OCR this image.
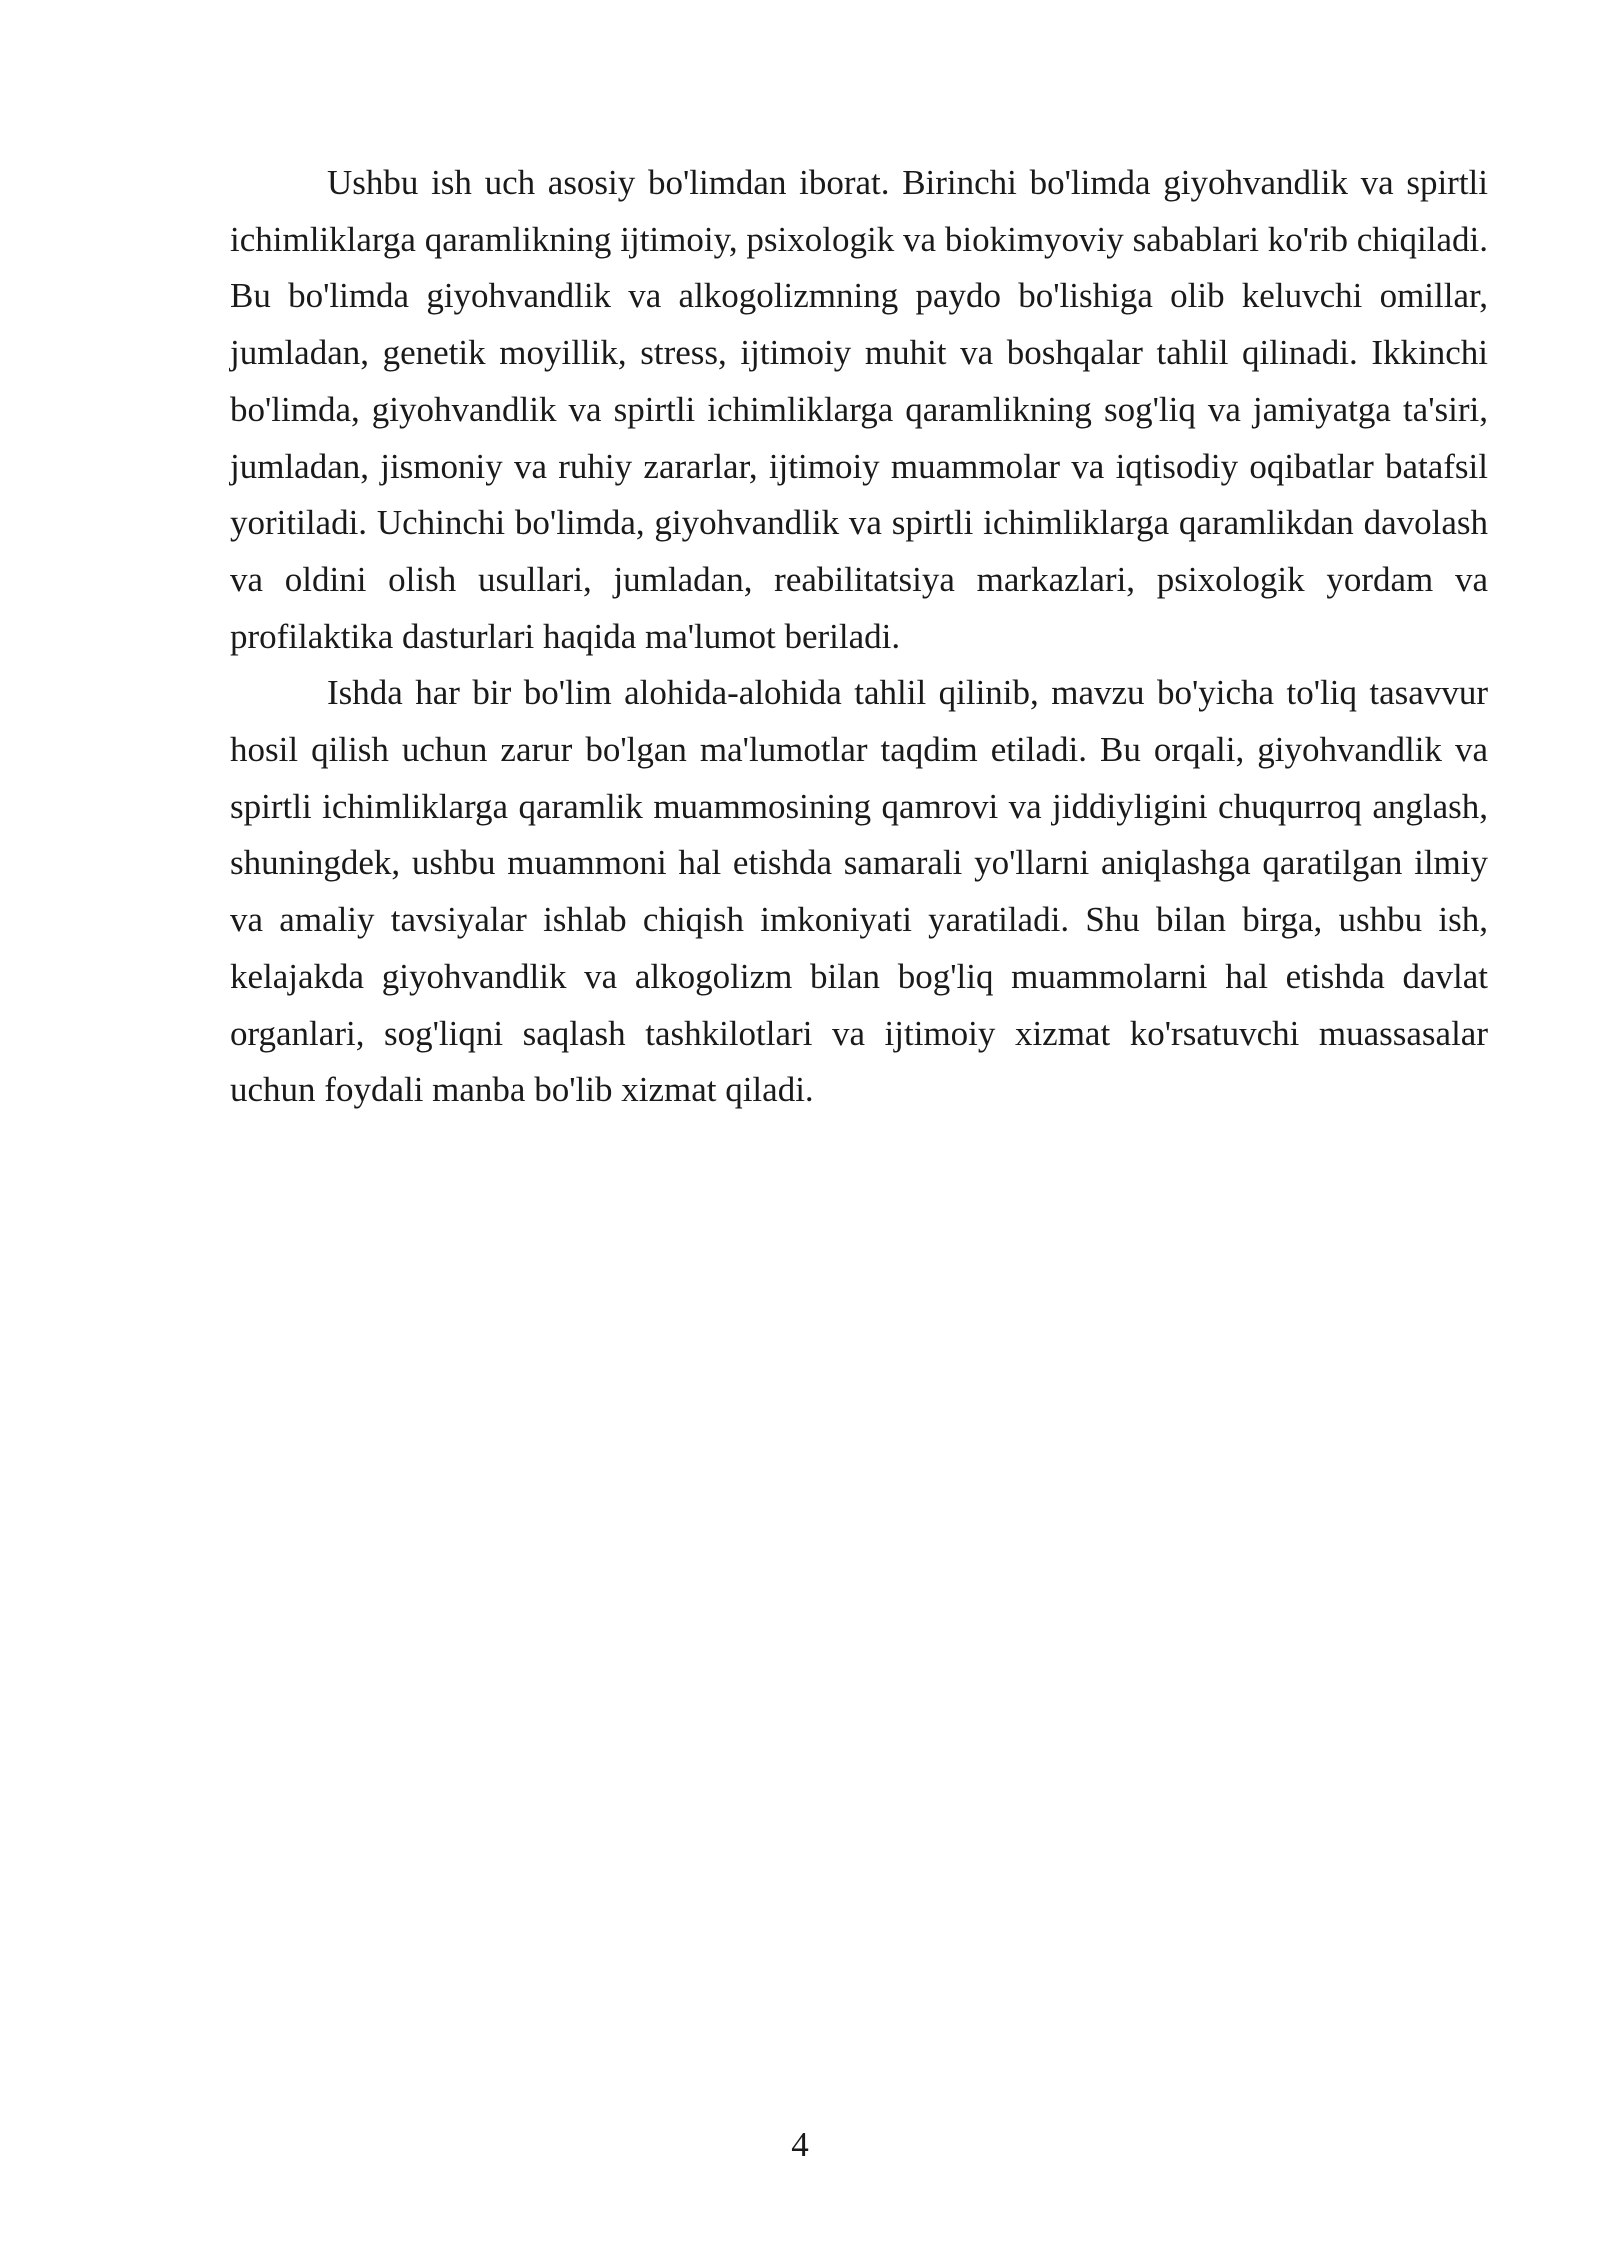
Ushbu ish uch asosiy bo'limdan iborat. Birinchi bo'limda giyohvandlik va spirtli ichimliklarga qaramlikning ijtimoiy, psixologik va biokimyoviy sabablari ko'rib chiqiladi. Bu bo'limda giyohvandlik va alkogolizmning paydo bo'lishiga olib keluvchi omillar, jumladan, genetik moyillik, stress, ijtimoiy muhit va boshqalar tahlil qilinadi. Ikkinchi bo'limda, giyohvandlik va spirtli ichimliklarga qaramlikning sog'liq va jamiyatga ta'siri, jumladan, jismoniy va ruhiy zararlar, ijtimoiy muammolar va iqtisodiy oqibatlar batafsil yoritiladi. Uchinchi bo'limda, giyohvandlik va spirtli ichimliklarga qaramlikdan davolash va oldini olish usullari, jumladan, reabilitatsiya markazlari, psixologik yordam va profilaktika dasturlari haqida ma'lumot beriladi.

Ishda har bir bo'lim alohida-alohida tahlil qilinib, mavzu bo'yicha to'liq tasavvur hosil qilish uchun zarur bo'lgan ma'lumotlar taqdim etiladi. Bu orqali, giyohvandlik va spirtli ichimliklarga qaramlik muammosining qamrovi va jiddiyligini chuqurroq anglash, shuningdek, ushbu muammoni hal etishda samarali yo'llarni aniqlashga qaratilgan ilmiy va amaliy tavsiyalar ishlab chiqish imkoniyati yaratiladi. Shu bilan birga, ushbu ish, kelajakda giyohvandlik va alkogolizm bilan bog'liq muammolarni hal etishda davlat organlari, sog'liqni saqlash tashkilotlari va ijtimoiy xizmat ko'rsatuvchi muassasalar uchun foydali manba bo'lib xizmat qiladi.

4
